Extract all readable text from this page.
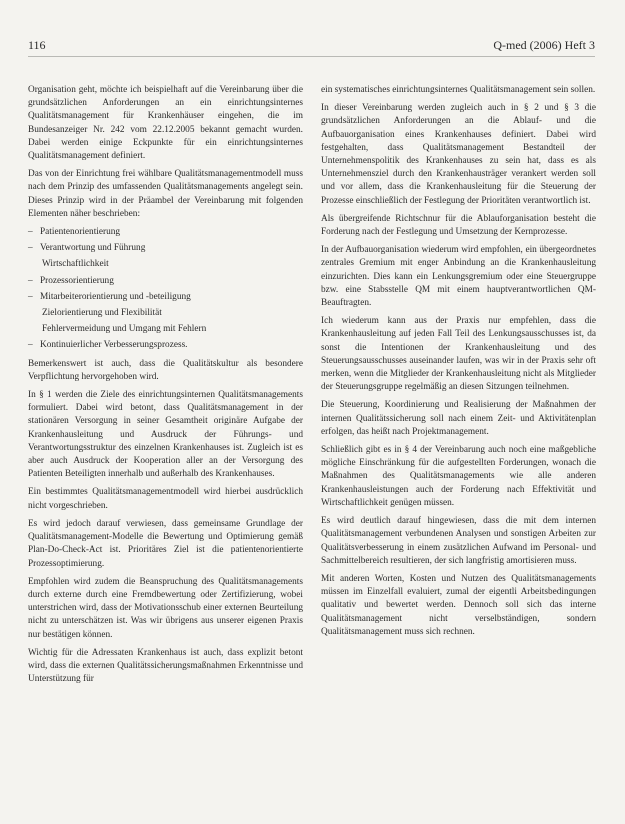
116	Q-med (2006) Heft 3

Organisation geht, möchte ich beispielhaft auf die Vereinbarung über die grundsätzlichen Anforderungen an ein einrichtungsinternes Qualitätsmanagement für Krankenhäuser eingehen, die im Bundesanzeiger Nr. 242 vom 22.12.2005 bekannt gemacht wurden. Dabei werden einige Eckpunkte für ein einrichtungsinternes Qualitätsmanagement definiert.

Das von der Einrichtung frei wählbare Qualitätsmanagementmodell muss nach dem Prinzip des umfassenden Qualitätsmanagements angelegt sein. Dieses Prinzip wird in der Präambel der Vereinbarung mit folgenden Elementen näher beschrieben:

– Patientenorientierung
– Verantwortung und Führung
Wirtschaftlichkeit
– Prozessorientierung
– Mitarbeiterorientierung und -beteiligung
Zielorientierung und Flexibilität
Fehlervermeidung und Umgang mit Fehlern
– Kontinuierlicher Verbesserungsprozess.

Bemerkenswert ist auch, dass die Qualitätskultur als besondere Verpflichtung hervorgehoben wird.

In § 1 werden die Ziele des einrichtungsinternen Qualitätsmanagements formuliert. Dabei wird betont, dass Qualitätsmanagement in der stationären Versorgung in seiner Gesamtheit originäre Aufgabe der Krankenhausleitung und Ausdruck der Führungs- und Verantwortungsstruktur des einzelnen Krankenhauses ist. Zugleich ist es aber auch Ausdruck der Kooperation aller an der Versorgung des Patienten Beteiligten innerhalb und außerhalb des Krankenhauses.

Ein bestimmtes Qualitätsmanagementmodell wird hierbei ausdrücklich nicht vorgeschrieben.

Es wird jedoch darauf verwiesen, dass gemeinsame Grundlage der Qualitätsmanagement-Modelle die Bewertung und Optimierung gemäß Plan-Do-Check-Act ist. Prioritäres Ziel ist die patientenorientierte Prozessoptimierung.

Empfohlen wird zudem die Beanspruchung des Qualitätsmanagements durch externe durch eine Fremdbewertung oder Zertifizierung, wobei unterstrichen wird, dass der Motivationsschub einer externen Beurteilung nicht zu unterschätzen ist. Was wir übrigens aus unserer eigenen Praxis nur bestätigen können.

Wichtig für die Adressaten Krankenhaus ist auch, dass explizit betont wird, dass die externen Qualitätssicherungsmaßnahmen Erkenntnisse und Unterstützung für

ein systematisches einrichtungsinternes Qualitätsmanagement sein sollen.

In dieser Vereinbarung werden zugleich auch in § 2 und § 3 die grundsätzlichen Anforderungen an die Ablauf- und die Aufbauorganisation eines Krankenhauses definiert. Dabei wird festgehalten, dass Qualitätsmanagement Bestandteil der Unternehmenspolitik des Krankenhauses zu sein hat, dass es als Unternehmensziel durch den Krankenhausträger verankert werden soll und vor allem, dass die Krankenhausleitung für die Steuerung der Prozesse einschließlich der Festlegung der Prioritäten verantwortlich ist.

Als übergreifende Richtschnur für die Ablauforganisation besteht die Forderung nach der Festlegung und Umsetzung der Kernprozesse.

In der Aufbauorganisation wiederum wird empfohlen, ein übergeordnetes zentrales Gremium mit enger Anbindung an die Krankenhausleitung einzurichten. Dies kann ein Lenkungsgremium oder eine Steuergruppe bzw. eine Stabsstelle QM mit einem hauptverantwortlichen QM-Beauftragten.

Ich wiederum kann aus der Praxis nur empfehlen, dass die Krankenhausleitung auf jeden Fall Teil des Lenkungsausschusses ist, da sonst die Intentionen der Krankenhausleitung und des Steuerungsausschusses auseinander laufen, was wir in der Praxis sehr oft merken, wenn die Mitglieder der Krankenhausleitung nicht als Mitglieder der Steuerungsgruppe regelmäßig an diesen Sitzungen teilnehmen.

Die Steuerung, Koordinierung und Realisierung der Maßnahmen der internen Qualitätssicherung soll nach einem Zeit- und Aktivitätenplan erfolgen, das heißt nach Projektmanagement.

Schließlich gibt es in § 4 der Vereinbarung auch noch eine maßgebliche mögliche Einschränkung für die aufgestellten Forderungen, wonach die Maßnahmen des Qualitätsmanagements wie alle anderen Krankenhausleistungen auch der Forderung nach Effektivität und Wirtschaftlichkeit genügen müssen.

Es wird deutlich darauf hingewiesen, dass die mit dem internen Qualitätsmanagement verbundenen Analysen und sonstigen Arbeiten zur Qualitätsverbesserung in einem zusätzlichen Aufwand im Personal- und Sachmittelbereich resultieren, der sich langfristig amortisieren muss.

Mit anderen Worten, Kosten und Nutzen des Qualitätsmanagements müssen im Einzelfall evaluiert, zumal der eigentli Arbeitsbedingungen qualitativ und bewertet werden. Dennoch soll sich das interne Qualitätsmanagement nicht verselbständigen, sondern Qualitätsmanagement muss sich rechnen.
